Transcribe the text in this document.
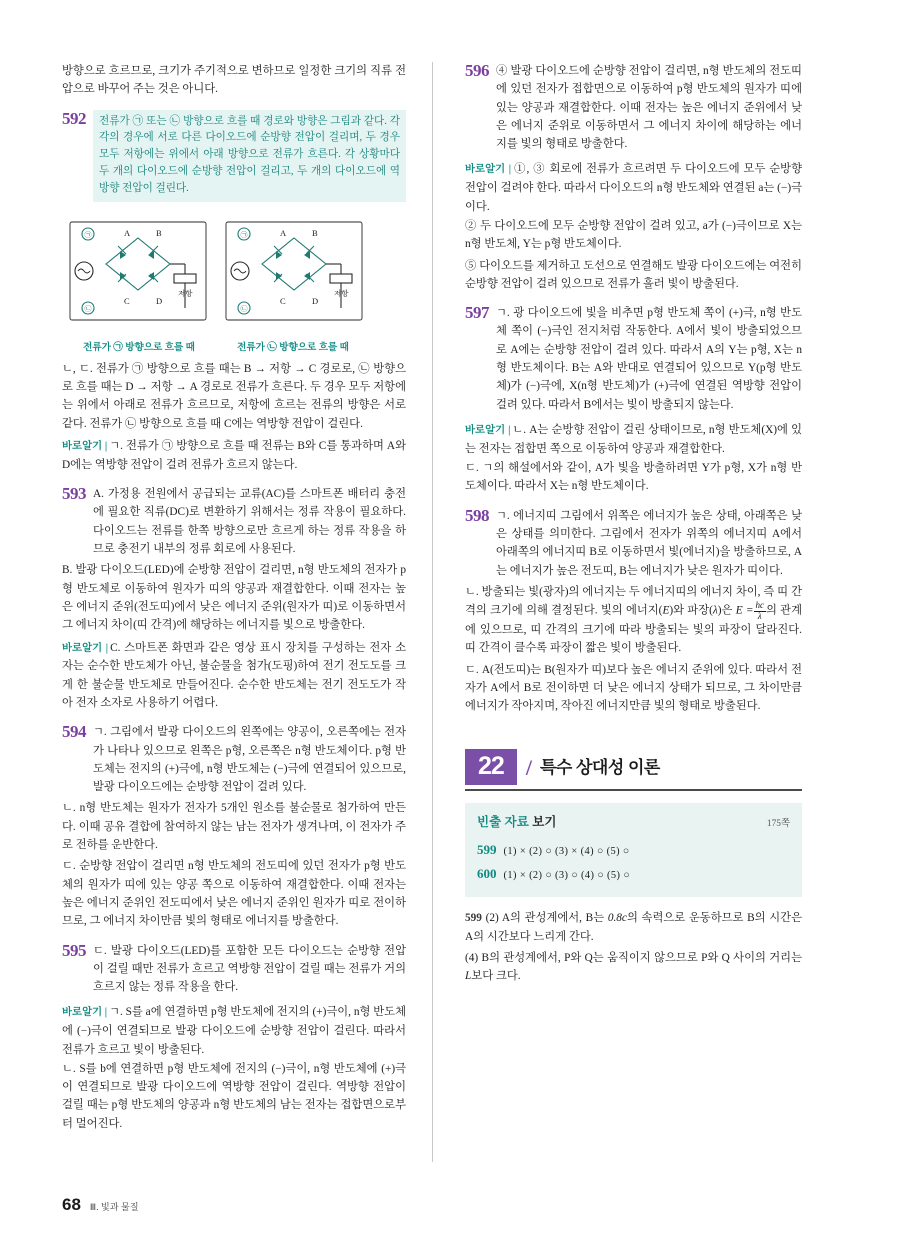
방향으로 흐르므로, 크기가 주기적으로 변하므로 일정한 크기의 직류 전압으로 바꾸어 주는 것은 아니다.

592	전류가 ㉠ 또는 ㉡ 방향으로 흐를 때 경로와 방향은 그림과 같다. 각각의 경우에 서로 다른 다이오드에 순방향 전압이 걸리며, 두 경우 모두 저항에는 위에서 아래 방향으로 전류가 흐른다. 각 상황마다 두 개의 다이오드에 순방향 전압이 걸리고, 두 개의 다이오드에 역방향 전압이 걸린다.
㉠
㉡
A	B
C	D
저항
㉠
㉡
A	B
C	D
저항
전류가 ㉠ 방향으로 흐를 때	전류가 ㉡ 방향으로 흐를 때

ㄴ, ㄷ. 전류가 ㉠ 방향으로 흐를 때는 B → 저항 → C 경로로, ㉡ 방향으로 흐를 때는 D → 저항 → A 경로로 전류가 흐른다. 두 경우 모두 저항에는 위에서 아래로 전류가 흐르므로, 저항에 흐르는 전류의 방향은 서로 같다. 전류가 ㉡ 방향으로 흐를 때 C에는 역방향 전압이 걸린다.

바로알기 | ㄱ. 전류가 ㉠ 방향으로 흐를 때 전류는 B와 C를 통과하며 A와 D에는 역방향 전압이 걸려 전류가 흐르지 않는다.

593 A. 가정용 전원에서 공급되는 교류(AC)를 스마트폰 배터리 충전에 필요한 직류(DC)로 변환하기 위해서는 정류 작용이 필요하다. 다이오드는 전류를 한쪽 방향으로만 흐르게 하는 정류 작용을 하므로 충전기 내부의 정류 회로에 사용된다.

B. 발광 다이오드(LED)에 순방향 전압이 걸리면, n형 반도체의 전자가 p형 반도체로 이동하여 원자가 띠의 양공과 재결합한다. 이때 전자는 높은 에너지 준위(전도띠)에서 낮은 에너지 준위(원자가 띠)로 이동하면서 그 에너지 차이(띠 간격)에 해당하는 에너지를 빛으로 방출한다.

바로알기 | C. 스마트폰 화면과 같은 영상 표시 장치를 구성하는 전자 소자는 순수한 반도체가 아닌, 불순물을 첨가(도핑)하여 전기 전도도를 크게 한 불순물 반도체로 만들어진다. 순수한 반도체는 전기 전도도가 작아 전자 소자로 사용하기 어렵다.

594 ㄱ. 그림에서 발광 다이오드의 왼쪽에는 양공이, 오른쪽에는 전자가 나타나 있으므로 왼쪽은 p형, 오른쪽은 n형 반도체이다. p형 반도체는 전지의 (+)극에, n형 반도체는 (−)극에 연결되어 있으므로, 발광 다이오드에는 순방향 전압이 걸려 있다.

ㄴ. n형 반도체는 원자가 전자가 5개인 원소를 불순물로 첨가하여 만든다. 이때 공유 결합에 참여하지 않는 남는 전자가 생겨나며, 이 전자가 주로 전하를 운반한다.

ㄷ. 순방향 전압이 걸리면 n형 반도체의 전도띠에 있던 전자가 p형 반도체의 원자가 띠에 있는 양공 쪽으로 이동하여 재결합한다. 이때 전자는 높은 에너지 준위인 전도띠에서 낮은 에너지 준위인 원자가 띠로 전이하므로, 그 에너지 차이만큼 빛의 형태로 에너지를 방출한다.

595 ㄷ. 발광 다이오드(LED)를 포함한 모든 다이오드는 순방향 전압이 걸릴 때만 전류가 흐르고 역방향 전압이 걸릴 때는 전류가 거의 흐르지 않는 정류 작용을 한다.

바로알기 | ㄱ. S를 a에 연결하면 p형 반도체에 전지의 (+)극이, n형 반도체에 (−)극이 연결되므로 발광 다이오드에 순방향 전압이 걸린다. 따라서 전류가 흐르고 빛이 방출된다.

ㄴ. S를 b에 연결하면 p형 반도체에 전지의 (−)극이, n형 반도체에 (+)극이 연결되므로 발광 다이오드에 역방향 전압이 걸린다. 역방향 전압이 걸릴 때는 p형 반도체의 양공과 n형 반도체의 남는 전자는 접합면으로부터 멀어진다.

596 ④ 발광 다이오드에 순방향 전압이 걸리면, n형 반도체의 전도띠에 있던 전자가 접합면으로 이동하여 p형 반도체의 원자가 띠에 있는 양공과 재결합한다. 이때 전자는 높은 에너지 준위에서 낮은 에너지 준위로 이동하면서 그 에너지 차이에 해당하는 에너지를 빛의 형태로 방출한다.

바로알기 | ①, ③ 회로에 전류가 흐르려면 두 다이오드에 모두 순방향 전압이 걸려야 한다. 따라서 다이오드의 n형 반도체와 연결된 a는 (−)극이다.

② 두 다이오드에 모두 순방향 전압이 걸려 있고, a가 (−)극이므로 X는 n형 반도체, Y는 p형 반도체이다.

⑤ 다이오드를 제거하고 도선으로 연결해도 발광 다이오드에는 여전히 순방향 전압이 걸려 있으므로 전류가 흘러 빛이 방출된다.

597 ㄱ. 광 다이오드에 빛을 비추면 p형 반도체 쪽이 (+)극, n형 반도체 쪽이 (−)극인 전지처럼 작동한다. A에서 빛이 방출되었으므로 A에는 순방향 전압이 걸려 있다. 따라서 A의 Y는 p형, X는 n형 반도체이다. B는 A와 반대로 연결되어 있으므로 Y(p형 반도체)가 (−)극에, X(n형 반도체)가 (+)극에 연결된 역방향 전압이 걸려 있다. 따라서 B에서는 빛이 방출되지 않는다.

바로알기 | ㄴ. A는 순방향 전압이 걸린 상태이므로, n형 반도체(X)에 있는 전자는 접합면 쪽으로 이동하여 양공과 재결합한다.

ㄷ. ㄱ의 해설에서와 같이, A가 빛을 방출하려면 Y가 p형, X가 n형 반도체이다. 따라서 X는 n형 반도체이다.

598 ㄱ. 에너지띠 그림에서 위쪽은 에너지가 높은 상태, 아래쪽은 낮은 상태를 의미한다. 그림에서 전자가 위쪽의 에너지띠 A에서 아래쪽의 에너지띠 B로 이동하면서 빛(에너지)을 방출하므로, A는 에너지가 높은 전도띠, B는 에너지가 낮은 원자가 띠이다.

ㄴ. 방출되는 빛(광자)의 에너지는 두 에너지띠의 에너지 차이, 즉 띠 간격의 크기에 의해 결정된다. 빛의 에너지(E)와 파장(λ)은 $E = \frac{hc}{\lambda}$ 의 관계에 있으므로, 띠 간격의 크기에 따라 방출되는 빛의 파장이 달라진다. 띠 간격이 클수록 파장이 짧은 빛이 방출된다.

ㄷ. A(전도띠)는 B(원자가 띠)보다 높은 에너지 준위에 있다. 따라서 전자가 A에서 B로 전이하면 더 낮은 에너지 상태가 되므로, 그 차이만큼 에너지가 작아지며, 작아진 에너지만큼 빛의 형태로 방출된다.

22	/ 특수 상대성 이론
빈출 자료 보기	175쪽
599 (1) × (2) ○ (3) × (4) ○ (5) ○
600 (1) × (2) ○ (3) ○ (4) ○ (5) ○

599 (2) A의 관성계에서, B는 0.8c의 속력으로 운동하므로 B의 시간은 A의 시간보다 느리게 간다.

(4) B의 관성계에서, P와 Q는 움직이지 않으므로 P와 Q 사이의 거리는 L보다 크다.

68 Ⅲ. 빛과 물질
